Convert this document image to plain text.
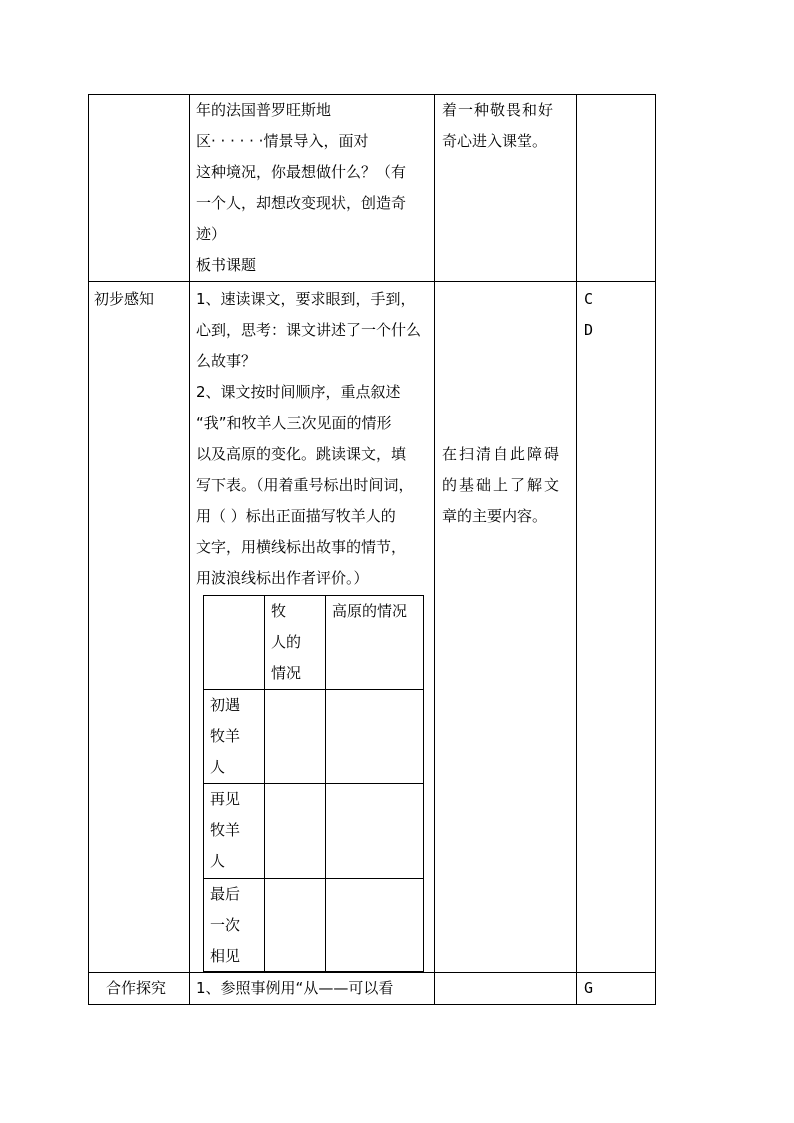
年的法国普罗旺斯地
区· · · · · ·情景导入，面对
这种境况，你最想做什么？（有
一个人，却想改变现状，创造奇
迹）
板书课题
着一种敬畏和好
奇心进入课堂。
初步感知	1、速读课文，要求眼到，手到，
心到，思考：课文讲述了一个什么
么故事？
2、课文按时间顺序，重点叙述
“我”和牧羊人三次见面的情形
以及高原的变化。跳读课文，填
写下表。（用着重号标出时间词，
用（ ）标出正面描写牧羊人的
文字，用横线标出故事的情节，
用波浪线标出作者评价。）
在扫清自此障碍
的基础上了解文
章的主要内容。
C
D
牧
人的
情况
高原的情况
初遇
牧羊
人
再见
牧羊
人
最后
一次
相见
合作探究 1、参照事例用“从——可以看	G
